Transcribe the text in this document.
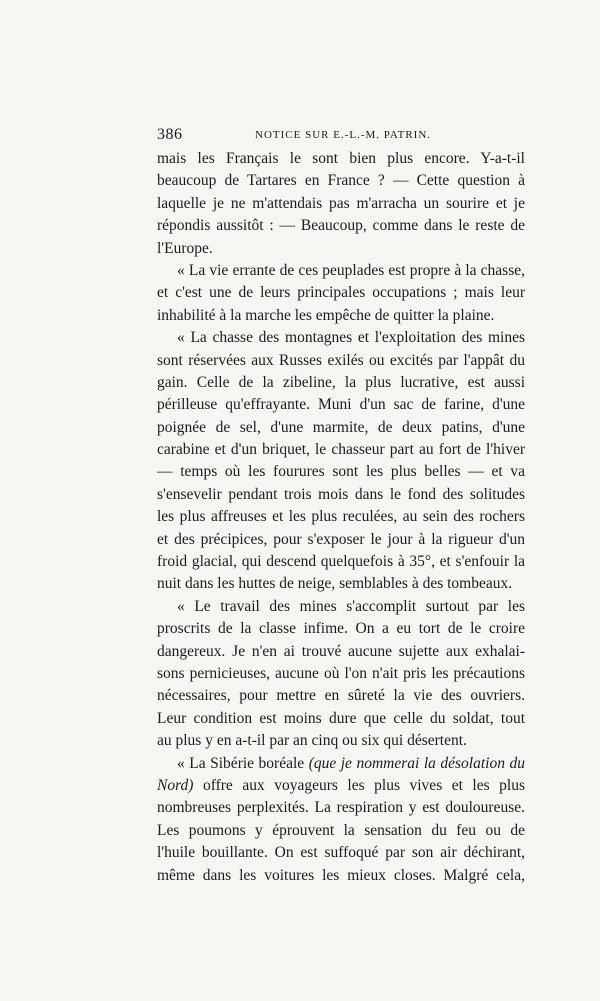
386	NOTICE SUR E.-L.-M. PATRIN.
mais les Français le sont bien plus encore. Y-a-t-il
beaucoup de Tartares en France ? — Cette question à
laquelle je ne m'attendais pas m'arracha un sourire et je
répondis aussitôt : — Beaucoup, comme dans le reste de
l'Europe.
« La vie errante de ces peuplades est propre à la chasse,
et c'est une de leurs principales occupations ; mais leur
inhabilité à la marche les empêche de quitter la plaine.
« La chasse des montagnes et l'exploitation des mines
sont réservées aux Russes exilés ou excités par l'appât du
gain. Celle de la zibeline, la plus lucrative, est aussi
périlleuse qu'effrayante. Muni d'un sac de farine, d'une
poignée de sel, d'une marmite, de deux patins, d'une
carabine et d'un briquet, le chasseur part au fort de l'hiver
— temps où les fourures sont les plus belles — et va
s'ensevelir pendant trois mois dans le fond des solitudes
les plus affreuses et les plus reculées, au sein des rochers
et des précipices, pour s'exposer le jour à la rigueur d'un
froid glacial, qui descend quelquefois à 35°, et s'enfouir la
nuit dans les huttes de neige, semblables à des tombeaux.
« Le travail des mines s'accomplit surtout par les
proscrits de la classe infime. On a eu tort de le croire
dangereux. Je n'en ai trouvé aucune sujette aux exhalai-
sons pernicieuses, aucune où l'on n'ait pris les précautions
nécessaires, pour mettre en sûreté la vie des ouvriers.
Leur condition est moins dure que celle du soldat, tout
au plus y en a-t-il par an cinq ou six qui désertent.
« La Sibérie boréale (que je nommerai la désolation du
Nord) offre aux voyageurs les plus vives et les plus
nombreuses perplexités. La respiration y est douloureuse.
Les poumons y éprouvent la sensation du feu ou de
l'huile bouillante. On est suffoqué par son air déchirant,
même dans les voitures les mieux closes. Malgré cela,
